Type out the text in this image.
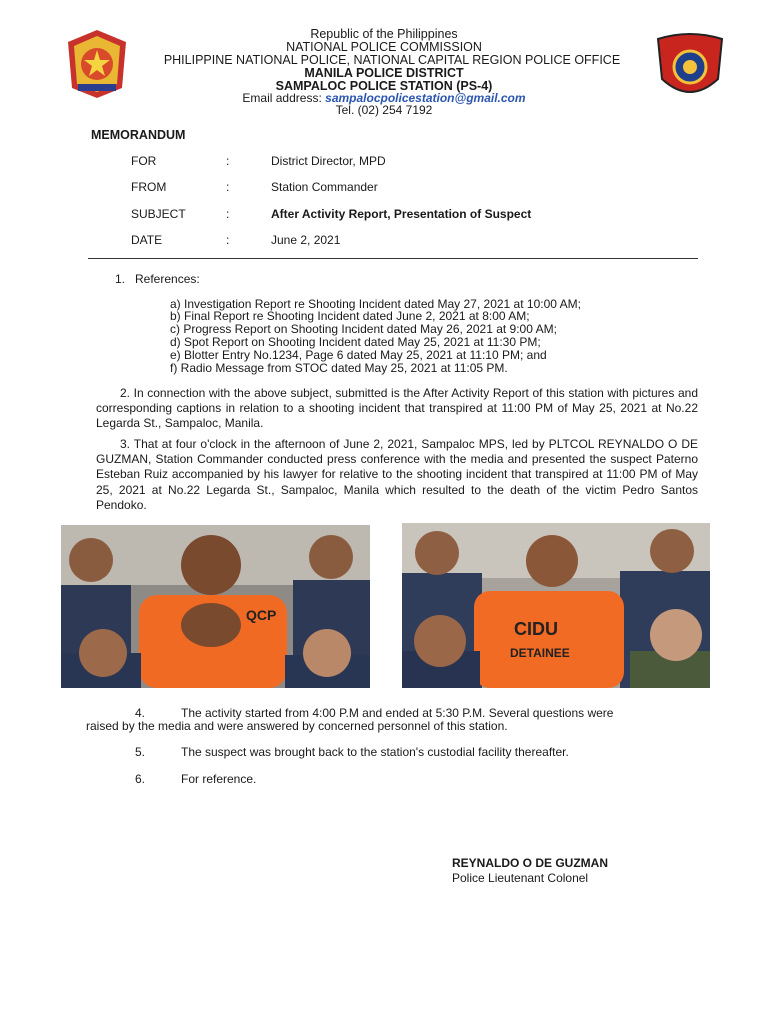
Republic of the Philippines
NATIONAL POLICE COMMISSION
PHILIPPINE NATIONAL POLICE, NATIONAL CAPITAL REGION POLICE OFFICE
MANILA POLICE DISTRICT
SAMPALOC POLICE STATION (PS-4)
Email address: sampalocpolicestation@gmail.com
Tel. (02) 254 7192
MEMORANDUM
FOR	:	District Director, MPD
FROM	:	Station Commander
SUBJECT	:	After Activity Report, Presentation of Suspect
DATE	:	June 2, 2021
1.   References:
a) Investigation Report re Shooting Incident dated May 27, 2021 at 10:00 AM;
b) Final Report re Shooting Incident dated June 2, 2021 at 8:00 AM;
c) Progress Report on Shooting Incident dated May 26, 2021 at 9:00 AM;
d) Spot Report on Shooting Incident dated May 25, 2021 at 11:30 PM;
e) Blotter Entry No.1234, Page 6 dated May 25, 2021 at 11:10 PM; and
f) Radio Message from STOC dated May 25, 2021 at 11:05 PM.
2. In connection with the above subject, submitted is the After Activity Report of this station with pictures and corresponding captions in relation to a shooting incident that transpired at 11:00 PM of May 25, 2021 at No.22 Legarda St., Sampaloc, Manila.
3. That at four o'clock in the afternoon of June 2, 2021, Sampaloc MPS, led by PLTCOL REYNALDO O DE GUZMAN, Station Commander conducted press conference with the media and presented the suspect Paterno Esteban Ruiz accompanied by his lawyer for relative to the shooting incident that transpired at 11:00 PM of May 25, 2021 at No.22 Legarda St., Sampaloc, Manila which resulted to the death of the victim Pedro Santos Pendoko.
QCP
CIDU
DETAINEE
4.	The activity started from 4:00 P.M and ended at 5:30 P.M. Several questions were
raised by the media and were answered by concerned personnel of this station.
5.	The suspect was brought back to the station's custodial facility thereafter.
6.	For reference.
REYNALDO O DE GUZMAN
Police Lieutenant Colonel
